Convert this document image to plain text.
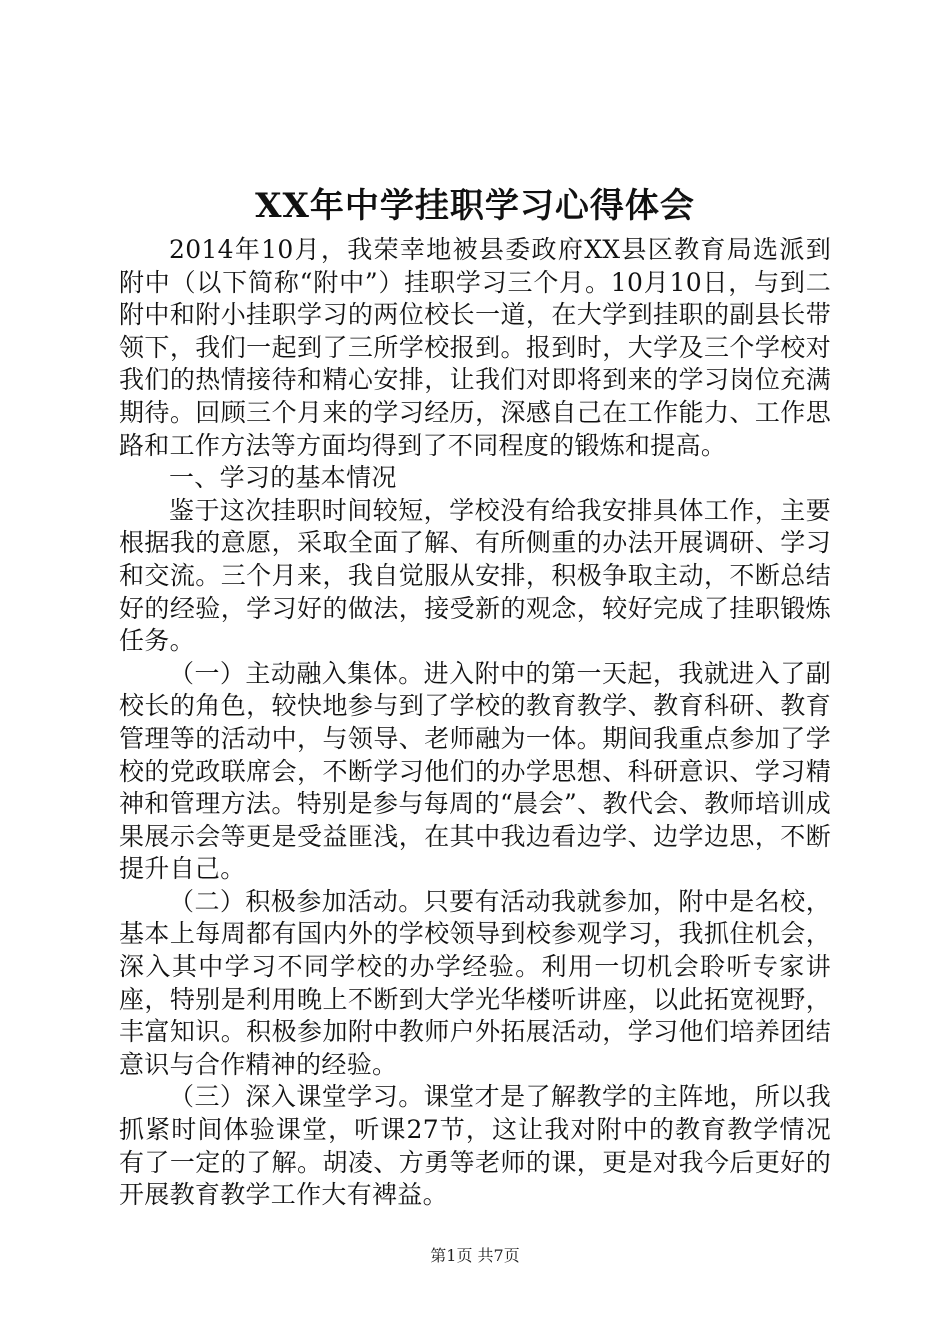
XX年中学挂职学习心得体会

2014年10月，我荣幸地被县委政府XX县区教育局选派到附中（以下简称“附中”）挂职学习三个月。10月10日，与到二附中和附小挂职学习的两位校长一道，在大学到挂职的副县长带领下，我们一起到了三所学校报到。报到时，大学及三个学校对我们的热情接待和精心安排，让我们对即将到来的学习岗位充满期待。回顾三个月来的学习经历，深感自己在工作能力、工作思路和工作方法等方面均得到了不同程度的锻炼和提高。

一、学习的基本情况

鉴于这次挂职时间较短，学校没有给我安排具体工作，主要根据我的意愿，采取全面了解、有所侧重的办法开展调研、学习和交流。三个月来，我自觉服从安排，积极争取主动，不断总结好的经验，学习好的做法，接受新的观念，较好完成了挂职锻炼任务。

（一）主动融入集体。进入附中的第一天起，我就进入了副校长的角色，较快地参与到了学校的教育教学、教育科研、教育管理等的活动中，与领导、老师融为一体。期间我重点参加了学校的党政联席会，不断学习他们的办学思想、科研意识、学习精神和管理方法。特别是参与每周的“晨会”、教代会、教师培训成果展示会等更是受益匪浅，在其中我边看边学、边学边思，不断提升自己。

（二）积极参加活动。只要有活动我就参加，附中是名校，基本上每周都有国内外的学校领导到校参观学习，我抓住机会，深入其中学习不同学校的办学经验。利用一切机会聆听专家讲座，特别是利用晚上不断到大学光华楼听讲座，以此拓宽视野，丰富知识。积极参加附中教师户外拓展活动，学习他们培养团结意识与合作精神的经验。

（三）深入课堂学习。课堂才是了解教学的主阵地，所以我抓紧时间体验课堂，听课27节，这让我对附中的教育教学情况有了一定的了解。胡凌、方勇等老师的课，更是对我今后更好的开展教育教学工作大有裨益。

第1页 共7页
